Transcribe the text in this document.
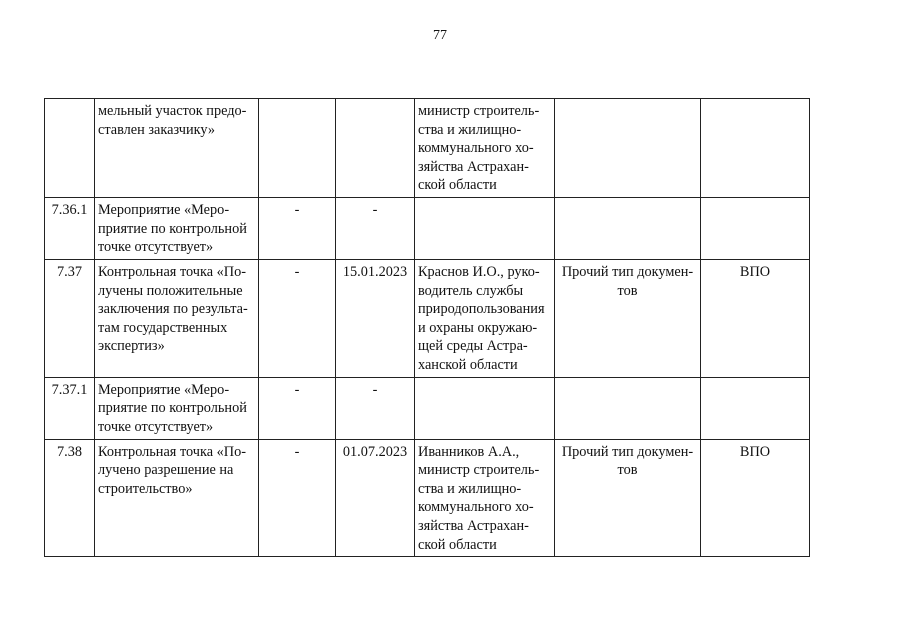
77
	мельный участок предо- ставлен заказчику»			министр строитель- ства и жилищно- коммунального хо- зяйства Астрахан- ской области		
7.36.1	Мероприятие «Меро- приятие по контрольной точке отсутствует»	-	-			
7.37	Контрольная точка «По- лучены положительные заключения по результа- там государственных экспертиз»	-	15.01.2023	Краснов И.О., руко- водитель службы природопользования и охраны окружаю- щей среды Астра- ханской области	Прочий тип докумен- тов	ВПО
7.37.1	Мероприятие «Меро- приятие по контрольной точке отсутствует»	-	-			
7.38	Контрольная точка «По- лучено разрешение на строительство»	-	01.07.2023	Иванников А.А., министр строитель- ства и жилищно- коммунального хо- зяйства Астрахан- ской области	Прочий тип докумен- тов	ВПО
